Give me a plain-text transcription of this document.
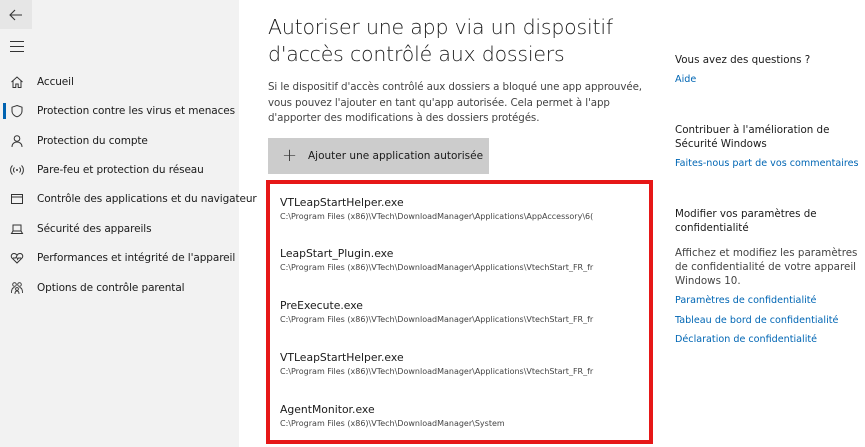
Accueil
Protection contre les virus et menaces
Protection du compte
Pare-feu et protection du réseau
Contrôle des applications et du navigateur
Sécurité des appareils
Performances et intégrité de l'appareil
Options de contrôle parental
Autoriser une app via un dispositif
d'accès contrôlé aux dossiers
Si le dispositif d'accès contrôlé aux dossiers a bloqué une app approuvée,
vous pouvez l'ajouter en tant qu'app autorisée. Cela permet à l'app
d'apporter des modifications à des dossiers protégés.
+ Ajouter une application autorisée
VTLeapStartHelper.exe
C:\Program Files (x86)\VTech\DownloadManager\Applications\AppAccessory\6(
LeapStart_Plugin.exe
C:\Program Files (x86)\VTech\DownloadManager\Applications\VtechStart_FR_fr
PreExecute.exe
C:\Program Files (x86)\VTech\DownloadManager\Applications\VtechStart_FR_fr
VTLeapStartHelper.exe
C:\Program Files (x86)\VTech\DownloadManager\Applications\VtechStart_FR_fr
AgentMonitor.exe
C:\Program Files (x86)\VTech\DownloadManager\System
Vous avez des questions ?
Aide
Contribuer à l'amélioration de
Sécurité Windows
Faites-nous part de vos commentaires
Modifier vos paramètres de
confidentialité
Affichez et modifiez les paramètres
de confidentialité de votre appareil
Windows 10.
Paramètres de confidentialité
Tableau de bord de confidentialité
Déclaration de confidentialité
